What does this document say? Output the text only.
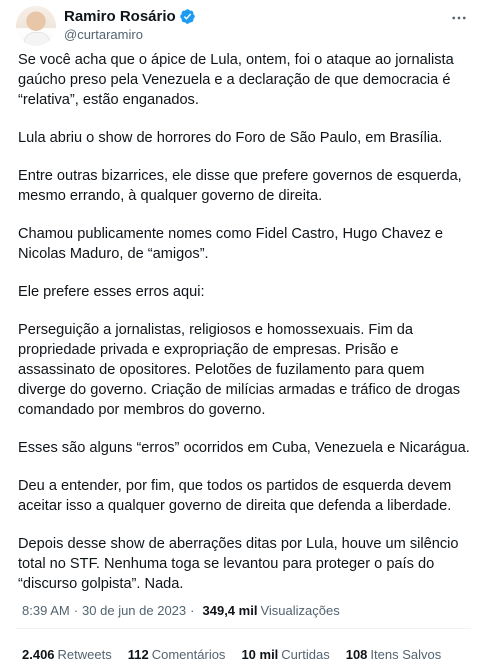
Ramiro Rosário
@curtaramiro

Se você acha que o ápice de Lula, ontem, foi o ataque ao jornalista gaúcho preso pela Venezuela e a declaração de que democracia é “relativa”, estão enganados.

Lula abriu o show de horrores do Foro de São Paulo, em Brasília.

Entre outras bizarrices, ele disse que prefere governos de esquerda, mesmo errando, à qualquer governo de direita.

Chamou publicamente nomes como Fidel Castro, Hugo Chavez e Nicolas Maduro, de “amigos”.

Ele prefere esses erros aqui:

Perseguição a jornalistas, religiosos e homossexuais. Fim da propriedade privada e expropriação de empresas. Prisão e assassinato de opositores. Pelotões de fuzilamento para quem diverge do governo. Criação de milícias armadas e tráfico de drogas comandado por membros do governo.

Esses são alguns “erros” ocorridos em Cuba, Venezuela e Nicarágua.

Deu a entender, por fim, que todos os partidos de esquerda devem aceitar isso a qualquer governo de direita que defenda a liberdade.

Depois desse show de aberrações ditas por Lula, houve um silêncio total no STF. Nenhuma toga se levantou para proteger o país do “discurso golpista”. Nada.

8:39 AM · 30 de jun de 2023 · 349,4 mil Visualizações
2.406 Retweets 112 Comentários 10 mil Curtidas 108 Itens Salvos
